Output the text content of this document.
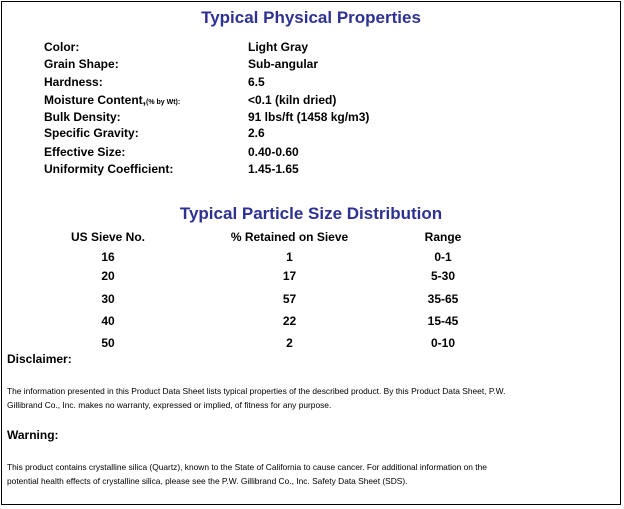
Typical Physical Properties
Color:	Light Gray
Grain Shape:	Sub-angular
Hardness:	6.5
Moisture Content,(% by Wt):	<0.1 (kiln dried)
Bulk Density:	91 lbs/ft (1458 kg/m3)
Specific Gravity:	2.6
Effective Size:	0.40-0.60
Uniformity Coefficient:	1.45-1.65
Typical Particle Size Distribution
US Sieve No.	% Retained on Sieve	Range
16	1	0-1
20	17	5-30
30	57	35-65
40	22	15-45
50	2	0-10
Disclaimer:
The information presented in this Product Data Sheet lists typical properties of the described product. By this Product Data Sheet, P.W.
Gillibrand Co., Inc. makes no warranty, expressed or implied, of fitness for any purpose.
Warning:
This product contains crystalline silica (Quartz), known to the State of California to cause cancer. For additional information on the
potential health effects of crystalline silica, please see the P.W. Gillibrand Co., Inc. Safety Data Sheet (SDS).
